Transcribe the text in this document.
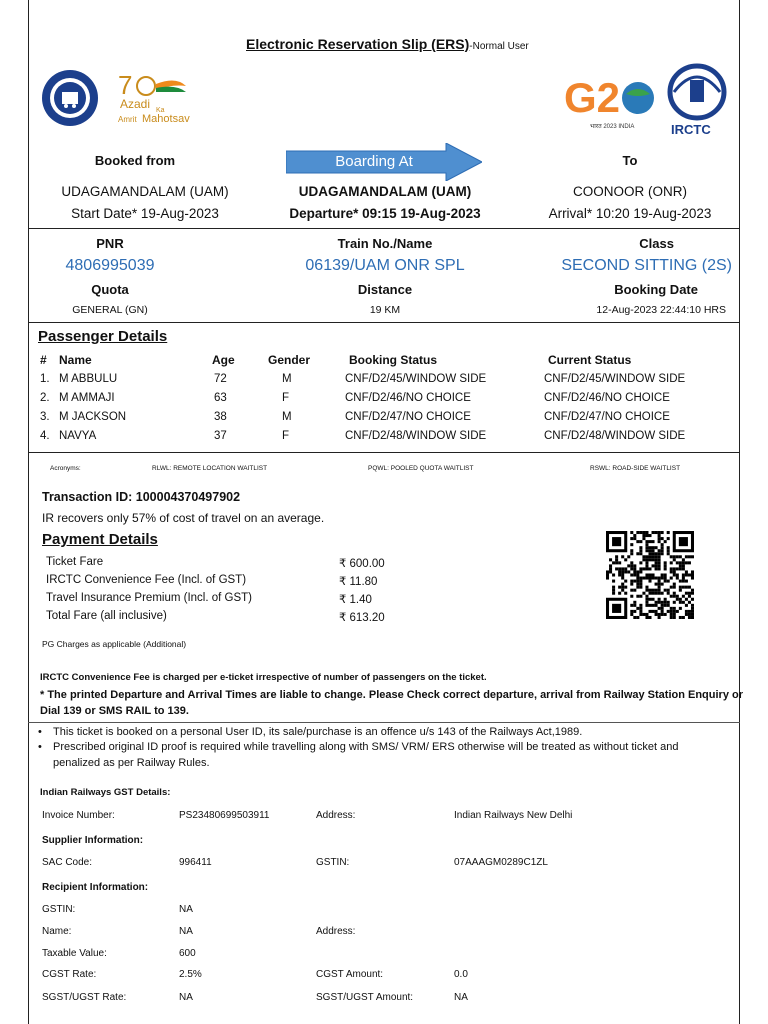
Electronic Reservation Slip (ERS)-Normal User
7
Azadi Ka
Amrit Mahotsav	G2
भारत 2023 INDIA	IRCTC
Booked from	Boarding At	To
UDAGAMANDALAM (UAM)	UDAGAMANDALAM (UAM)	COONOOR (ONR)
Start Date* 19-Aug-2023	Departure* 09:15 19-Aug-2023	Arrival* 10:20 19-Aug-2023
PNR	Train No./Name	Class
4806995039	06139/UAM ONR SPL	SECOND SITTING (2S)
Quota	Distance	Booking Date
GENERAL (GN)	19 KM	12-Aug-2023 22:44:10 HRS
Passenger Details
# Name	Age	Gender	Booking Status	Current Status
1. M ABBULU	72	M	CNF/D2/45/WINDOW SIDE	CNF/D2/45/WINDOW SIDE
2. M AMMAJI	63	F	CNF/D2/46/NO CHOICE	CNF/D2/46/NO CHOICE
3. M JACKSON	38	M	CNF/D2/47/NO CHOICE	CNF/D2/47/NO CHOICE
4. NAVYA	37	F	CNF/D2/48/WINDOW SIDE	CNF/D2/48/WINDOW SIDE
Acronyms:	RLWL: REMOTE LOCATION WAITLIST	PQWL: POOLED QUOTA WAITLIST	RSWL: ROAD-SIDE WAITLIST
Transaction ID: 100004370497902
IR recovers only 57% of cost of travel on an average.
Payment Details
Ticket Fare	₹ 600.00
IRCTC Convenience Fee (Incl. of GST)	₹ 11.80
Travel Insurance Premium (Incl. of GST)	₹ 1.40
Total Fare (all inclusive)	₹ 613.20
PG Charges as applicable (Additional)
IRCTC Convenience Fee is charged per e-ticket irrespective of number of passengers on the ticket.
* The printed Departure and Arrival Times are liable to change. Please Check correct departure, arrival from Railway Station Enquiry or
Dial 139 or SMS RAIL to 139.
• This ticket is booked on a personal User ID, its sale/purchase is an offence u/s 143 of the Railways Act,1989.
• Prescribed original ID proof is required while travelling along with SMS/ VRM/ ERS otherwise will be treated as without ticket and
penalized as per Railway Rules.
Indian Railways GST Details:
Invoice Number:	PS23480699503911	Address:	Indian Railways New Delhi
Supplier Information:
SAC Code:	996411	GSTIN:	07AAAGM0289C1ZL
Recipient Information:
GSTIN:	NA
Name:	NA	Address:
Taxable Value:	600
CGST Rate:	2.5%	CGST Amount:	0.0
SGST/UGST Rate:	NA	SGST/UGST Amount:	NA
